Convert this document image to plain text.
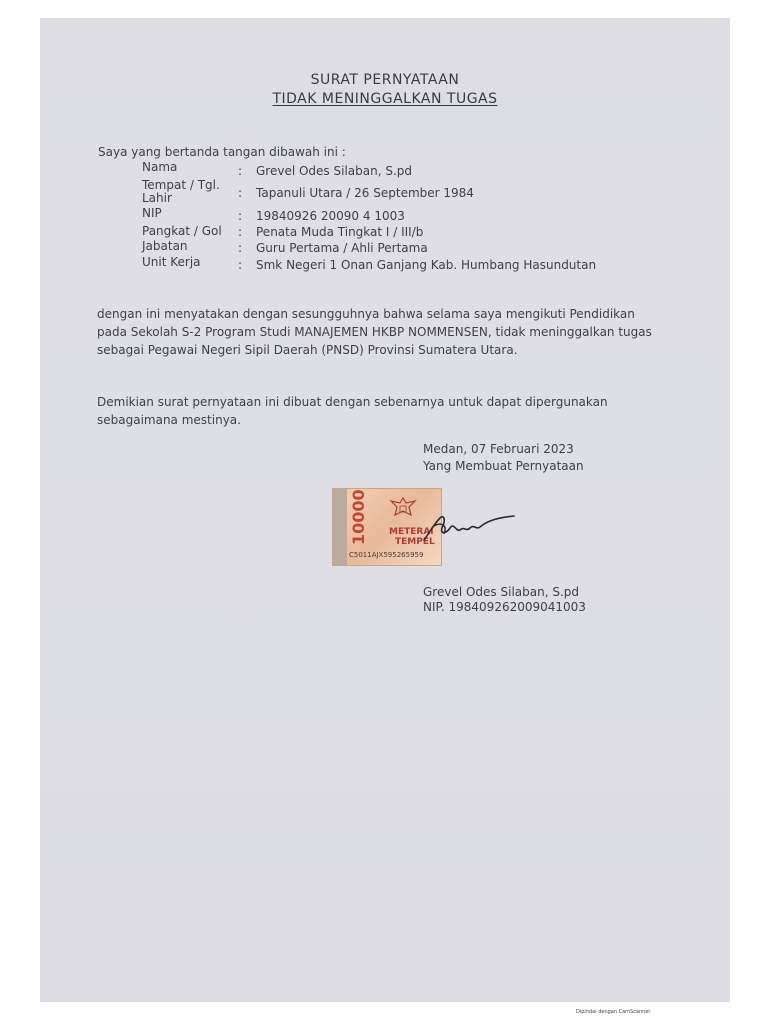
SURAT PERNYATAAN
TIDAK MENINGGALKAN TUGAS
Saya yang bertanda tangan dibawah ini :
Nama	: Grevel Odes Silaban, S.pd
Tempat / Tgl.
Lahir	: Tapanuli Utara / 26 September 1984
NIP	: 19840926 20090 4 1003
Pangkat / Gol : Penata Muda Tingkat I / III/b
Jabatan	: Guru Pertama / Ahli Pertama
Unit Kerja	: Smk Negeri 1 Onan Ganjang Kab. Humbang Hasundutan

dengan ini menyatakan dengan sesungguhnya bahwa selama saya mengikuti Pendidikan

pada Sekolah S-2 Program Studi MANAJEMEN HKBP NOMMENSEN, tidak meninggalkan tugas

sebagai Pegawai Negeri Sipil Daerah (PNSD) Provinsi Sumatera Utara.

Demikian surat pernyataan ini dibuat dengan sebenarnya untuk dapat dipergunakan

sebagaimana mestinya.

Medan, 07 Februari 2023
Yang Membuat Pernyataan
10000 METERAI
TEMPEL
C5011AJX595265959
Grevel Odes Silaban, S.pd
NIP. 198409262009041003
Dipindai dengan CamScanner
